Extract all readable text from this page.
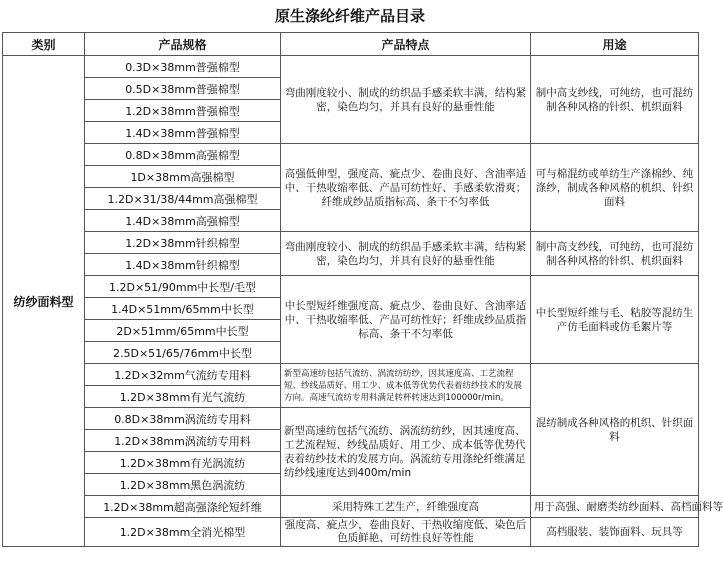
原生涤纶纤维产品目录
类别	产品规格	产品特点	用途
纺纱面料型	0.3D×38mm普强棉型	弯曲刚度较小、制成的纺织品手感柔软丰满，结构紧密，染色均匀，并具有良好的悬垂性能	制中高支纱线，可纯纺，也可混纺制各种风格的针织、机织面料
	0.5D×38mm普强棉型		
	1.2D×38mm普强棉型		
	1.4D×38mm普强棉型		
	0.8D×38mm高强棉型	高强低伸型，强度高、疵点少、卷曲良好、含油率适中、干热收缩率低、产品可纺性好、手感柔软滑爽；纤维成纱品质指标高、条干不匀率低	可与棉混纺或单纺生产涤棉纱、纯涤纱，制成各种风格的机织、针织面料
	1D×38mm高强棉型		
	1.2D×31/38/44mm高强棉型		
	1.4D×38mm高强棉型		
	1.2D×38mm针织棉型	弯曲刚度较小、制成的纺织品手感柔软丰满，结构紧密，染色均匀，并具有良好的悬垂性能	制中高支纱线，可纯纺，也可混纺制各种风格的针织、机织面料
	1.4D×38mm针织棉型		
	1.2D×51/90mm中长型/毛型	中长型短纤维强度高、疵点少、卷曲良好、含油率适中、干热收缩率低、产品可纺性好；纤维成纱品质指标高、条干不匀率低	中长型短纤维与毛、粘胶等混纺生产仿毛面料或仿毛絮片等
	1.4D×51mm/65mm中长型		
	2D×51mm/65mm中长型		
	2.5D×51/65/76mm中长型		
	1.2D×32mm气流纺专用料	新型高速纺包括气流纺、涡流纺纺纱，因其速度高、工艺流程短、纱线品质好、用工少、成本低等优势代表着纺纱技术的发展方向。高速气流纺专用料满足转杯转速达到100000r/min。	混纺制成各种风格的机织、针织面料
	1.2D×38mm有光气流纺		
	0.8D×38mm涡流纺专用料	新型高速纺包括气流纺、涡流纺纺纱，因其速度高、工艺流程短、纱线品质好、用工少、成本低等优势代表着纺纱技术的发展方向。涡流纺专用涤纶纤维满足纺纱线速度达到400m/min	
	1.2D×38mm涡流纺专用料		
	1.2D×38mm有光涡流纺		
	1.2D×38mm黑色涡流纺		
	1.2D×38mm超高强涤纶短纤维	采用特殊工艺生产，纤维强度高	用于高强、耐磨类纺纱面料、高档面料等
	1.2D×38mm全消光棉型	强度高、疵点少，卷曲良好、干热收缩度低、染色后色质鲜艳、可纺性良好等性能	高档服装、装饰面料、玩具等
